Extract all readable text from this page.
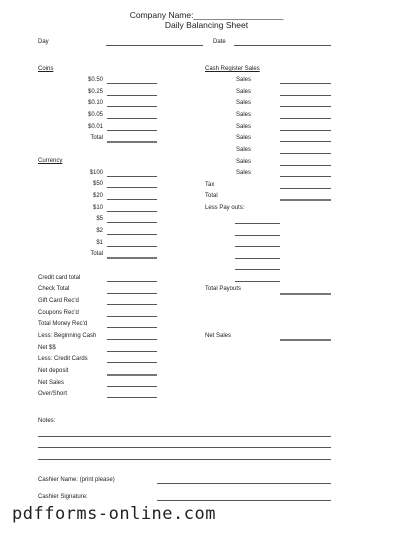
Company Name:___________________
Daily Balancing Sheet
Day	Date
Coins
$0.50
$0.25
$0.10
$0.05
$0.01
Total
Cash Register Sales
Sales
Sales
Sales
Sales
Sales
Sales
Sales
Sales
Sales
Tax
Total
Less Pay outs:
Total Payouts
Net Sales
Currency
$100
$50
$20
$10
$5
$2
$1
Total
Credit card total
Check Total
Gift Card Rec'd
Coupons Rec'd
Total Money Rec'd
Less: Beginning Cash
Net $$
Less: Credit Cards
Net deposit
Net Sales
Over/Short
Notes:
Cashier Name: (print please)
Cashier Signature:
pdfforms-online.com
